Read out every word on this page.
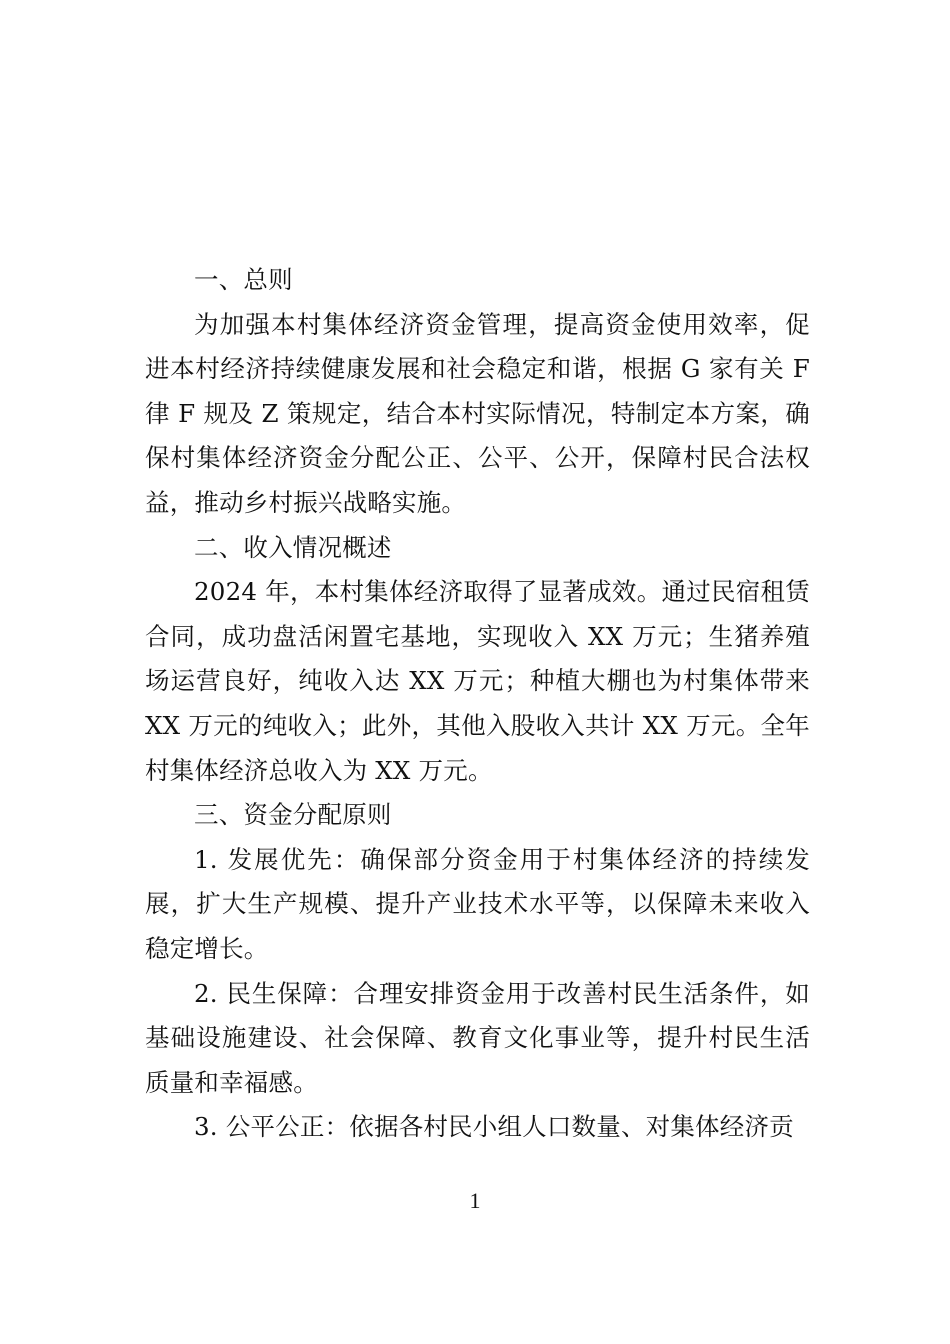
一、总则

为加强本村集体经济资金管理，提高资金使用效率，促进本村经济持续健康发展和社会稳定和谐，根据 G 家有关 F 律 F 规及 Z 策规定，结合本村实际情况，特制定本方案，确保村集体经济资金分配公正、公平、公开，保障村民合法权益，推动乡村振兴战略实施。

二、收入情况概述

2024 年，本村集体经济取得了显著成效。通过民宿租赁合同，成功盘活闲置宅基地，实现收入 XX 万元；生猪养殖场运营良好，纯收入达 XX 万元；种植大棚也为村集体带来 XX 万元的纯收入；此外，其他入股收入共计 XX 万元。全年村集体经济总收入为 XX 万元。

三、资金分配原则

1. 发展优先：确保部分资金用于村集体经济的持续发展，扩大生产规模、提升产业技术水平等，以保障未来收入稳定增长。

2. 民生保障：合理安排资金用于改善村民生活条件，如基础设施建设、社会保障、教育文化事业等，提升村民生活质量和幸福感。

3. 公平公正：依据各村民小组人口数量、对集体经济贡

1
